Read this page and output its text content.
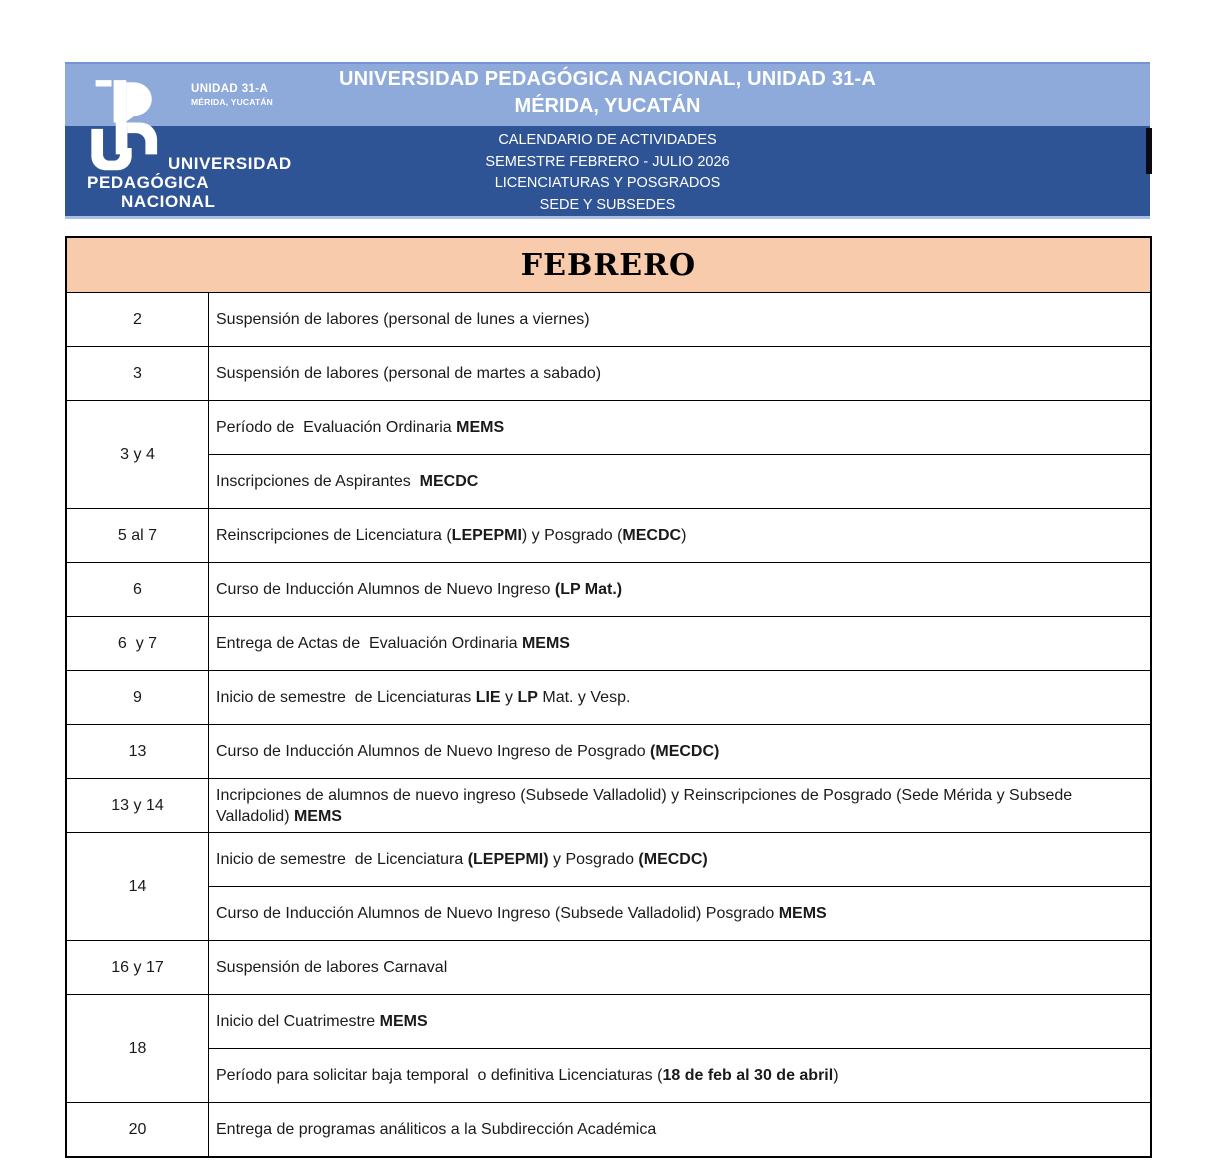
UNIVERSIDAD PEDAGÓGICA NACIONAL, UNIDAD 31-A
MÉRIDA, YUCATÁN
CALENDARIO DE ACTIVIDADES
SEMESTRE FEBRERO - JULIO 2026
LICENCIATURAS Y POSGRADOS
SEDE Y SUBSEDES
UNIDAD 31-A
MÉRIDA, YUCATÁN
UNIVERSIDAD
PEDAGÓGICA
NACIONAL
FEBRERO	
2	Suspensión de labores (personal de lunes a viernes)
3	Suspensión de labores (personal de martes a sabado)
3 y 4	Período de  Evaluación Ordinaria MEMS
	Inscripciones de Aspirantes  MECDC
5 al 7	Reinscripciones de Licenciatura (LEPEPMI) y Posgrado (MECDC)
6	Curso de Inducción Alumnos de Nuevo Ingreso (LP Mat.)
6  y 7	Entrega de Actas de  Evaluación Ordinaria MEMS
9	Inicio de semestre  de Licenciaturas LIE y LP Mat. y Vesp.
13	Curso de Inducción Alumnos de Nuevo Ingreso de Posgrado (MECDC)
13 y 14	Incripciones de alumnos de nuevo ingreso (Subsede Valladolid) y Reinscripciones de Posgrado (Sede Mérida y Subsede Valladolid) MEMS
14	Inicio de semestre  de Licenciatura (LEPEPMI) y Posgrado (MECDC)
	Curso de Inducción Alumnos de Nuevo Ingreso (Subsede Valladolid) Posgrado MEMS
16 y 17	Suspensión de labores Carnaval
18	Inicio del Cuatrimestre MEMS
	Período para solicitar baja temporal  o definitiva Licenciaturas (18 de feb al 30 de abril)
20	Entrega de programas análiticos a la Subdirección Académica
